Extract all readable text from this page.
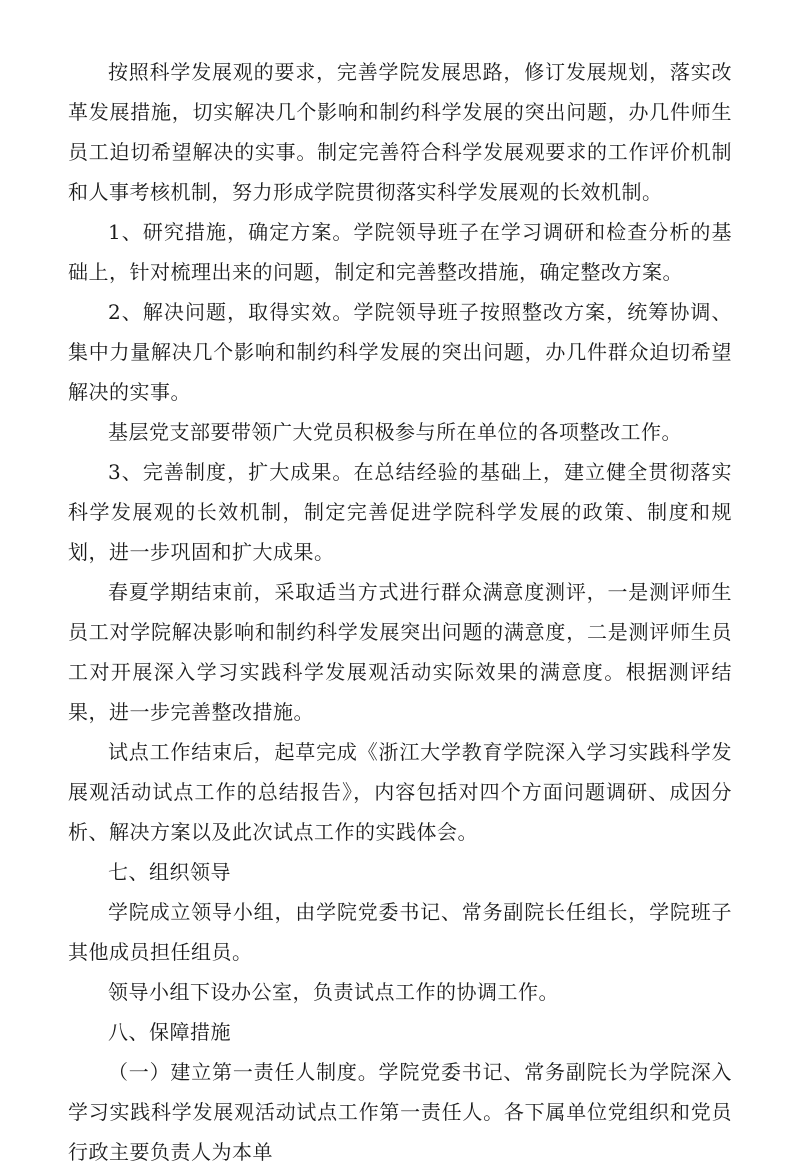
按照科学发展观的要求，完善学院发展思路，修订发展规划，落实改革发展措施，切实解决几个影响和制约科学发展的突出问题，办几件师生员工迫切希望解决的实事。制定完善符合科学发展观要求的工作评价机制和人事考核机制，努力形成学院贯彻落实科学发展观的长效机制。

1、研究措施，确定方案。学院领导班子在学习调研和检查分析的基础上，针对梳理出来的问题，制定和完善整改措施，确定整改方案。

2、解决问题，取得实效。学院领导班子按照整改方案，统筹协调、集中力量解决几个影响和制约科学发展的突出问题，办几件群众迫切希望解决的实事。

基层党支部要带领广大党员积极参与所在单位的各项整改工作。

3、完善制度，扩大成果。在总结经验的基础上，建立健全贯彻落实科学发展观的长效机制，制定完善促进学院科学发展的政策、制度和规划，进一步巩固和扩大成果。

春夏学期结束前，采取适当方式进行群众满意度测评，一是测评师生员工对学院解决影响和制约科学发展突出问题的满意度，二是测评师生员工对开展深入学习实践科学发展观活动实际效果的满意度。根据测评结果，进一步完善整改措施。

试点工作结束后，起草完成《浙江大学教育学院深入学习实践科学发展观活动试点工作的总结报告》，内容包括对四个方面问题调研、成因分析、解决方案以及此次试点工作的实践体会。

七、组织领导

学院成立领导小组，由学院党委书记、常务副院长任组长，学院班子其他成员担任组员。

领导小组下设办公室，负责试点工作的协调工作。

八、保障措施

（一）建立第一责任人制度。学院党委书记、常务副院长为学院深入学习实践科学发展观活动试点工作第一责任人。各下属单位党组织和党员行政主要负责人为本单
